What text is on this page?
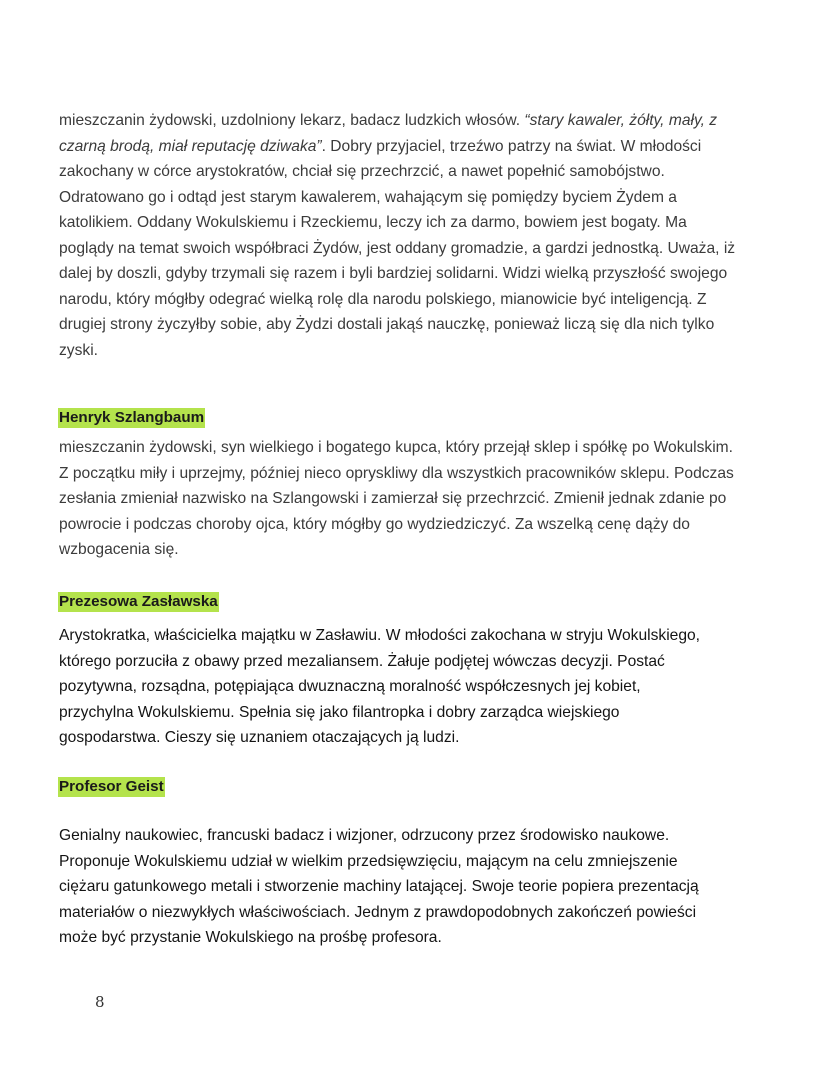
mieszczanin żydowski, uzdolniony lekarz, badacz ludzkich włosów. “stary kawaler, żółty, mały, z
czarną brodą, miał reputację dziwaka”. Dobry przyjaciel, trzeźwo patrzy na świat. W młodości
zakochany w córce arystokratów, chciał się przechrzcić, a nawet popełnić samobójstwo.
Odratowano go i odtąd jest starym kawalerem, wahającym się pomiędzy byciem Żydem a
katolikiem. Oddany Wokulskiemu i Rzeckiemu, leczy ich za darmo, bowiem jest bogaty. Ma
poglądy na temat swoich współbraci Żydów, jest oddany gromadzie, a gardzi jednostką. Uważa, iż
dalej by doszli, gdyby trzymali się razem i byli bardziej solidarni. Widzi wielką przyszłość swojego
narodu, który mógłby odegrać wielką rolę dla narodu polskiego, mianowicie być inteligencją. Z
drugiej strony życzyłby sobie, aby Żydzi dostali jakąś nauczkę, ponieważ liczą się dla nich tylko
zyski.

Henryk Szlangbaum

mieszczanin żydowski, syn wielkiego i bogatego kupca, który przejął sklep i spółkę po Wokulskim.
Z początku miły i uprzejmy, później nieco opryskliwy dla wszystkich pracowników sklepu. Podczas
zesłania zmieniał nazwisko na Szlangowski i zamierzał się przechrzcić. Zmienił jednak zdanie po
powrocie i podczas choroby ojca, który mógłby go wydziedziczyć. Za wszelką cenę dąży do
wzbogacenia się.

Prezesowa Zasławska

Arystokratka, właścicielka majątku w Zasławiu. W młodości zakochana w stryju Wokulskiego,
którego porzuciła z obawy przed mezaliansem. Żałuje podjętej wówczas decyzji. Postać
pozytywna, rozsądna, potępiająca dwuznaczną moralność współczesnych jej kobiet,
przychylna Wokulskiemu. Spełnia się jako filantropka i dobry zarządca wiejskiego
gospodarstwa. Cieszy się uznaniem otaczających ją ludzi.

Profesor Geist

Genialny naukowiec, francuski badacz i wizjoner, odrzucony przez środowisko naukowe.
Proponuje Wokulskiemu udział w wielkim przedsięwzięciu, mającym na celu zmniejszenie
ciężaru gatunkowego metali i stworzenie machiny latającej. Swoje teorie popiera prezentacją
materiałów o niezwykłych właściwościach. Jednym z prawdopodobnych zakończeń powieści
może być przystanie Wokulskiego na prośbę profesora.

8
